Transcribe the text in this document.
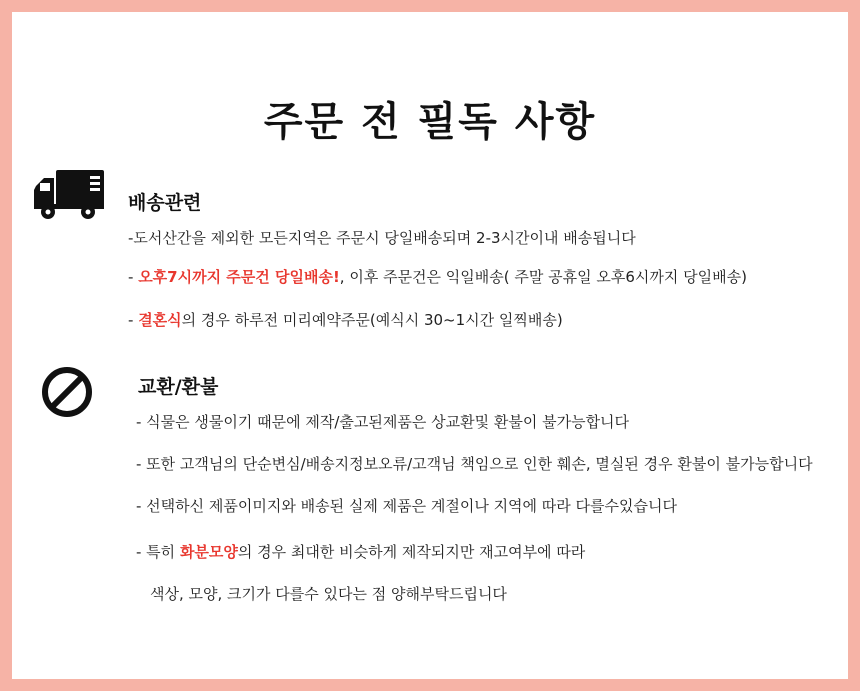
주문 전 필독 사항
배송관련
-도서산간을 제외한 모든지역은 주문시 당일배송되며 2-3시간이내 배송됩니다
- 오후7시까지 주문건 당일배송!, 이후 주문건은 익일배송( 주말 공휴일 오후6시까지 당일배송)
- 결혼식의 경우 하루전 미리예약주문(예식시 30~1시간 일찍배송)
교환/환불
- 식물은 생물이기 때문에 제작/출고된제품은 상교환및 환불이 불가능합니다
- 또한 고객님의 단순변심/배송지정보오류/고객님 책임으로 인한 훼손, 멸실된 경우 환불이 불가능합니다
- 선택하신 제품이미지와 배송된 실제 제품은 계절이나 지역에 따라 다를수있습니다
- 특히 화분모양의 경우 최대한 비슷하게 제작되지만 재고여부에 따라
색상, 모양, 크기가 다를수 있다는 점 양해부탁드립니다
